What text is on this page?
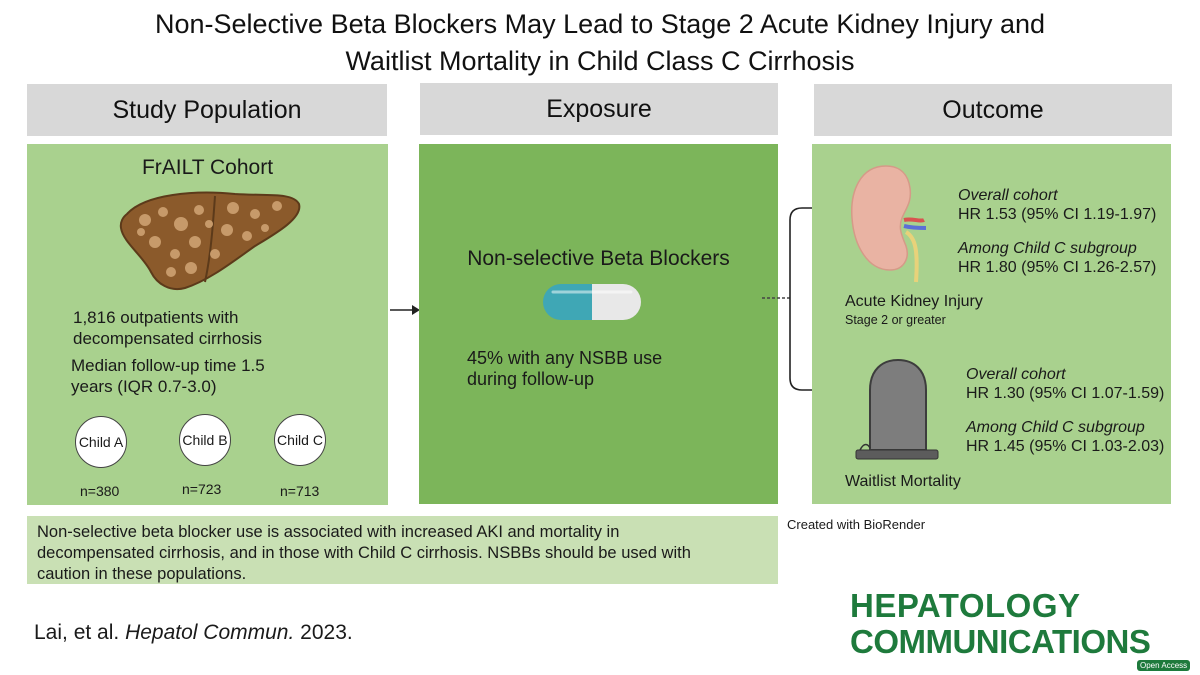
Non-Selective Beta Blockers May Lead to Stage 2 Acute Kidney Injury and
Waitlist Mortality in Child Class C Cirrhosis
Study Population	Exposure	Outcome
FrAILT Cohort
1,816 outpatients with
decompensated cirrhosis
Median follow-up time 1.5
years (IQR 0.7-3.0)
Child A	Child B	Child C
n=380	n=723	n=713
Non-selective Beta Blockers
45% with any NSBB use
during follow-up
Overall cohort
HR 1.53 (95% CI 1.19-1.97)
Among Child C subgroup
HR 1.80 (95% CI 1.26-2.57)
Acute Kidney Injury
Stage 2 or greater
Overall cohort
HR 1.30 (95% CI 1.07-1.59)
Among Child C subgroup
HR 1.45 (95% CI 1.03-2.03)
Waitlist Mortality
Non-selective beta blocker use is associated with increased AKI and mortality in
decompensated cirrhosis, and in those with Child C cirrhosis. NSBBs should be used with
caution in these populations.
Created with BioRender
Lai, et al. Hepatol Commun. 2023.
HEPATOLOGY
COMMUNICATIONS
Open Access
